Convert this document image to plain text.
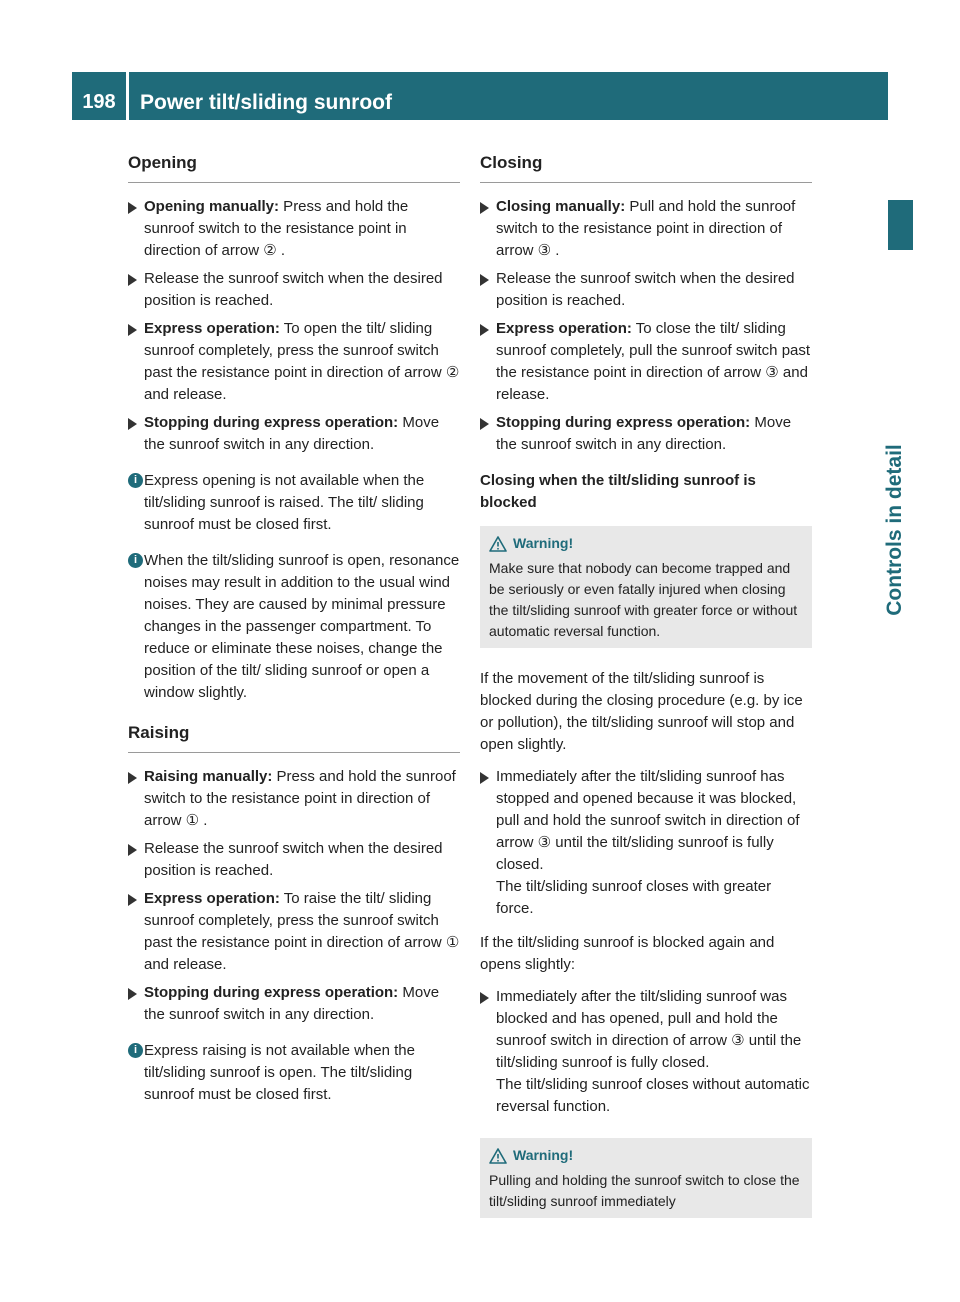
198	Power tilt/sliding sunroof
Controls in detail
Opening
Opening manually: Press and hold the sunroof switch to the resistance point in direction of arrow ② .
Release the sunroof switch when the desired position is reached.
Express operation: To open the tilt/ sliding sunroof completely, press the sunroof switch past the resistance point in direction of arrow ② and release.
Stopping during express operation: Move the sunroof switch in any direction.
i Express opening is not available when the tilt/sliding sunroof is raised. The tilt/ sliding sunroof must be closed first.
i When the tilt/sliding sunroof is open, resonance noises may result in addition to the usual wind noises. They are caused by minimal pressure changes in the passenger compartment. To reduce or eliminate these noises, change the position of the tilt/ sliding sunroof or open a window slightly.
Raising
Raising manually: Press and hold the sunroof switch to the resistance point in direction of arrow ① .
Release the sunroof switch when the desired position is reached.
Express operation: To raise the tilt/ sliding sunroof completely, press the sunroof switch past the resistance point in direction of arrow ① and release.
Stopping during express operation: Move the sunroof switch in any direction.
i Express raising is not available when the tilt/sliding sunroof is open. The tilt/sliding sunroof must be closed first.
Closing
Closing manually: Pull and hold the sunroof switch to the resistance point in direction of arrow ③ .
Release the sunroof switch when the desired position is reached.
Express operation: To close the tilt/ sliding sunroof completely, pull the sunroof switch past the resistance point in direction of arrow ③ and release.
Stopping during express operation: Move the sunroof switch in any direction.
Closing when the tilt/sliding sunroof is blocked
Warning!
Make sure that nobody can become trapped and be seriously or even fatally injured when closing the tilt/sliding sunroof with greater force or without automatic reversal function.
If the movement of the tilt/sliding sunroof is blocked during the closing procedure (e.g. by ice or pollution), the tilt/sliding sunroof will stop and open slightly.
Immediately after the tilt/sliding sunroof has stopped and opened because it was blocked, pull and hold the sunroof switch in direction of arrow ③ until the tilt/sliding sunroof is fully closed.
The tilt/sliding sunroof closes with greater force.
If the tilt/sliding sunroof is blocked again and opens slightly:
Immediately after the tilt/sliding sunroof was blocked and has opened, pull and hold the sunroof switch in direction of arrow ③ until the tilt/sliding sunroof is fully closed.
The tilt/sliding sunroof closes without automatic reversal function.
Warning!
Pulling and holding the sunroof switch to close the tilt/sliding sunroof immediately
